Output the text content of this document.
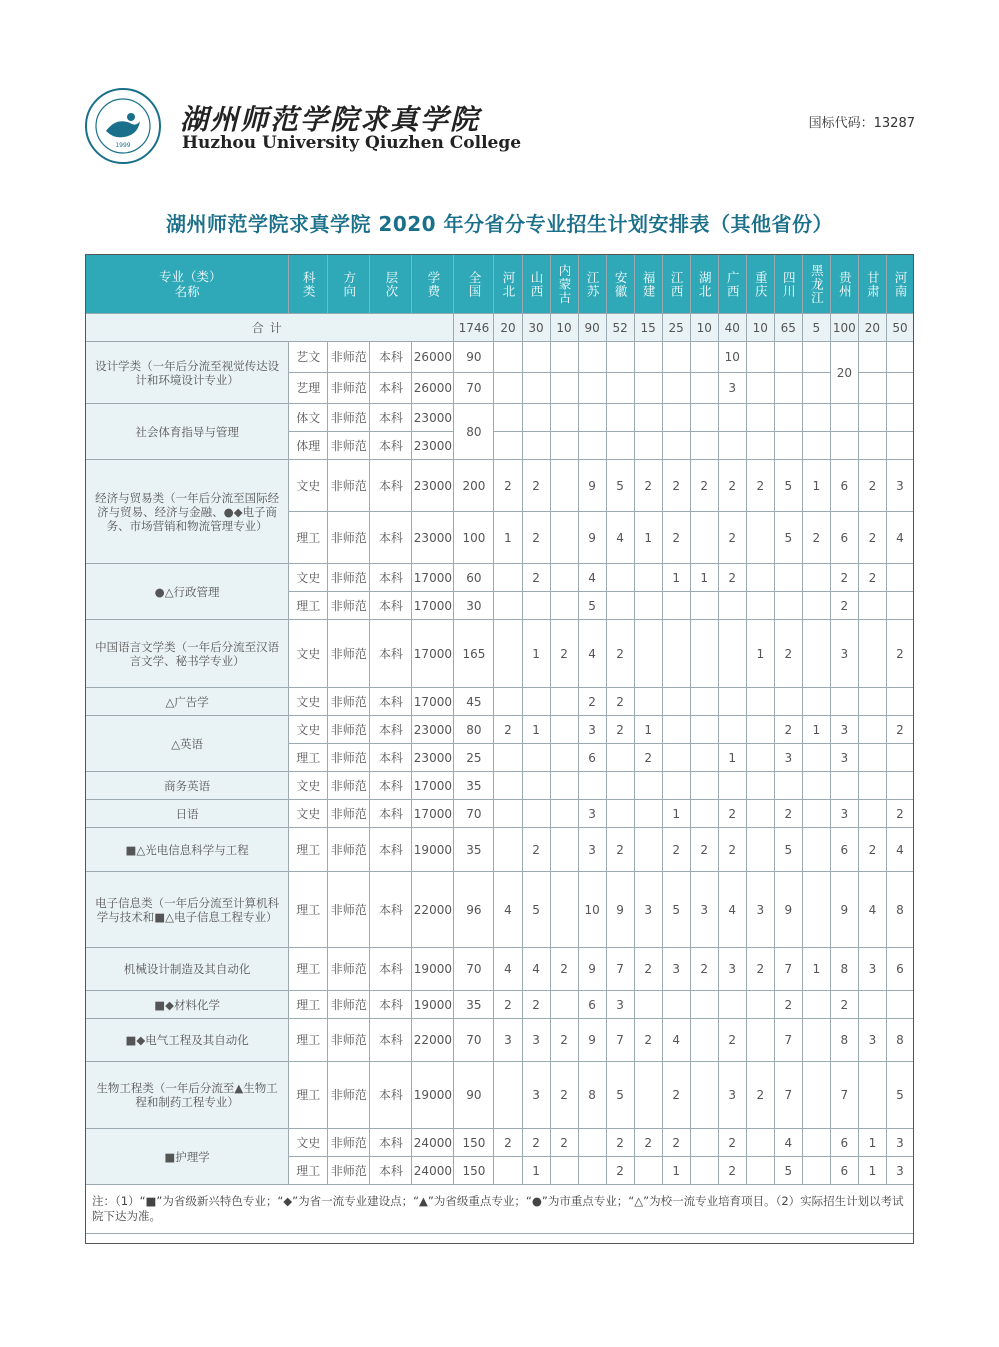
1999
湖州师范学院求真学院
Huzhou University Qiuzhen College
国标代码：13287
湖州师范学院求真学院 2020 年分省分专业招生计划安排表（其他省份）
专业（类）名称	科类	方向	层次	学费	全国	河北	山西	内蒙古	江苏	安徽	福建	江西	湖北	广西	重庆	四川	黑龙江	贵州	甘肃	河南

合计					1746	20	30	10	90	52	15	25	10	40	10	65	5	100	20	50
设计学类（一年后分流至视觉传达设计和环境设计专业）	艺文	非师范	本科	26000	90									10				20		
	艺理	非师范	本科	26000	70									3						
社会体育指导与管理	体文	非师范	本科	23000	80															
	体理	非师范	本科	23000																
经济与贸易类（一年后分流至国际经济与贸易、经济与金融、●◆电子商务、市场营销和物流管理专业）	文史	非师范	本科	23000	200	2	2		9	5	2	2	2	2	2	5	1	6	2	3
	理工	非师范	本科	23000	100	1	2		9	4	1	2		2		5	2	6	2	4
●△行政管理	文史	非师范	本科	17000	60		2		4			1	1	2				2	2	
	理工	非师范	本科	17000	30				5									2		
中国语言文学类（一年后分流至汉语言文学、秘书学专业）	文史	非师范	本科	17000	165		1	2	4	2					1	2		3		2
△广告学	文史	非师范	本科	17000	45				2	2										
△英语	文史	非师范	本科	23000	80	2	1		3	2	1					2	1	3		2
	理工	非师范	本科	23000	25				6		2			1		3		3		
商务英语	文史	非师范	本科	17000	35															
日语	文史	非师范	本科	17000	70				3			1		2		2		3		2
■△光电信息科学与工程	理工	非师范	本科	19000	35		2		3	2		2	2	2		5		6	2	4
电子信息类（一年后分流至计算机科学与技术和■△电子信息工程专业）	理工	非师范	本科	22000	96	4	5		10	9	3	5	3	4	3	9		9	4	8
机械设计制造及其自动化	理工	非师范	本科	19000	70	4	4	2	9	7	2	3	2	3	2	7	1	8	3	6
■◆材料化学	理工	非师范	本科	19000	35	2	2		6	3						2		2		
■◆电气工程及其自动化	理工	非师范	本科	22000	70	3	3	2	9	7	2	4		2		7		8	3	8
生物工程类（一年后分流至▲生物工程和制药工程专业）	理工	非师范	本科	19000	90		3	2	8	5		2		3	2	7		7		5
■护理学	文史	非师范	本科	24000	150	2	2	2		2	2	2		2		4		6	1	3
	理工	非师范	本科	24000	150		1			2		1		2		5		6	1	3
注：（1）“■”为省级新兴特色专业；“◆”为省一流专业建设点；“▲”为省级重点专业；“●”为市重点专业；“△”为校一流专业培育项目。（2）实际招生计划以考试院下达为准。																				
